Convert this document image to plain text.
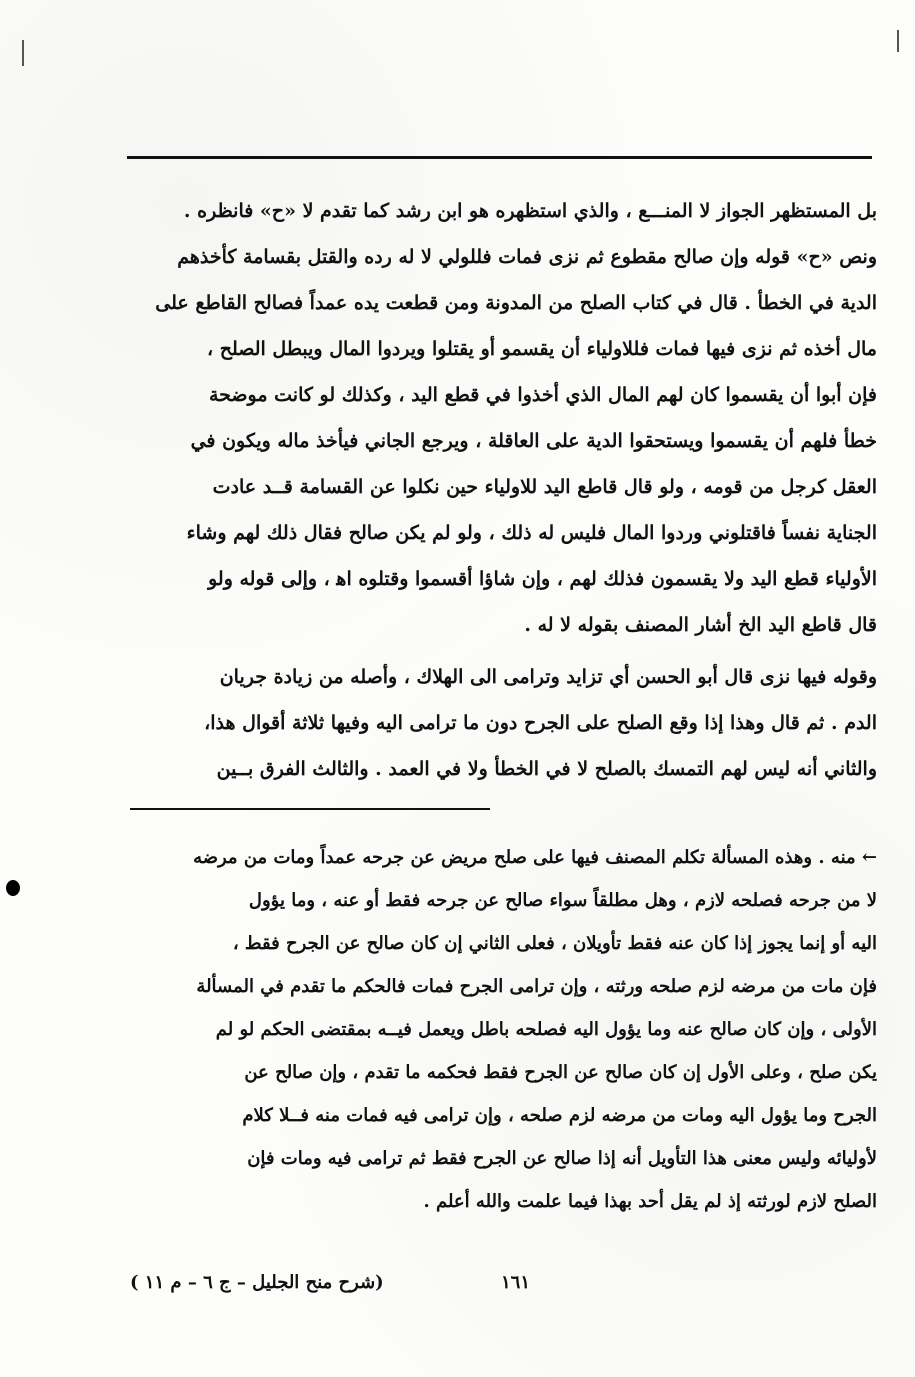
بل المستظهر الجواز لا المنـــع ، والذي استظهره هو ابن رشد كما تقدم لا «ح» فانظره .
ونص «ح» قوله وإن صالح مقطوع ثم نزى فمات فللولي لا له رده والقتل بقسامة كأخذهم
الدية في الخطأ . قال في كتاب الصلح من المدونة ومن قطعت يده عمداً فصالح القاطع على
مال أخذه ثم نزى فيها فمات فللاولياء أن يقسمو أو يقتلوا ويردوا المال ويبطل الصلح ،
فإن أبوا أن يقسموا كان لهم المال الذي أخذوا في قطع اليد ، وكذلك لو كانت موضحة
خطأ فلهم أن يقسموا ويستحقوا الدية على العاقلة ، ويرجع الجاني فيأخذ ماله ويكون في
العقل كرجل من قومه ، ولو قال قاطع اليد للاولياء حين نكلوا عن القسامة قــد عادت
الجناية نفساً فاقتلوني وردوا المال فليس له ذلك ، ولو لم يكن صالح فقال ذلك لهم وشاء
الأولياء قطع اليد ولا يقسمون فذلك لهم ، وإن شاؤا أقسموا وقتلوه اﻫ ، وإلى قوله ولو
قال قاطع اليد الخ أشار المصنف بقوله لا له .
وقوله فيها نزى قال أبو الحسن أي تزايد وترامى الى الهلاك ، وأصله من زيادة جريان
الدم . ثم قال وهذا إذا وقع الصلح على الجرح دون ما ترامى اليه وفيها ثلاثة أقوال هذا،
والثاني أنه ليس لهم التمسك بالصلح لا في الخطأ ولا في العمد . والثالث الفرق بــين
← منه . وهذه المسألة تكلم المصنف فيها على صلح مريض عن جرحه عمداً ومات من مرضه
لا من جرحه فصلحه لازم ، وهل مطلقاً سواء صالح عن جرحه فقط أو عنه ، وما يؤول
اليه أو إنما يجوز إذا كان عنه فقط تأويلان ، فعلى الثاني إن كان صالح عن الجرح فقط ،
فإن مات من مرضه لزم صلحه ورثته ، وإن ترامى الجرح فمات فالحكم ما تقدم في المسألة
الأولى ، وإن كان صالح عنه وما يؤول اليه فصلحه باطل ويعمل فيــه بمقتضى الحكم لو لم
يكن صلح ، وعلى الأول إن كان صالح عن الجرح فقط فحكمه ما تقدم ، وإن صالح عن
الجرح وما يؤول اليه ومات من مرضه لزم صلحه ، وإن ترامى فيه فمات منه فــلا كلام
لأوليائه وليس معنى هذا التأويل أنه إذا صالح عن الجرح فقط ثم ترامى فيه ومات فإن
الصلح لازم لورثته إذ لم يقل أحد بهذا فيما علمت والله أعلم .
١٦١
(شرح منح الجليل – ج ٦ – م ١١ )
